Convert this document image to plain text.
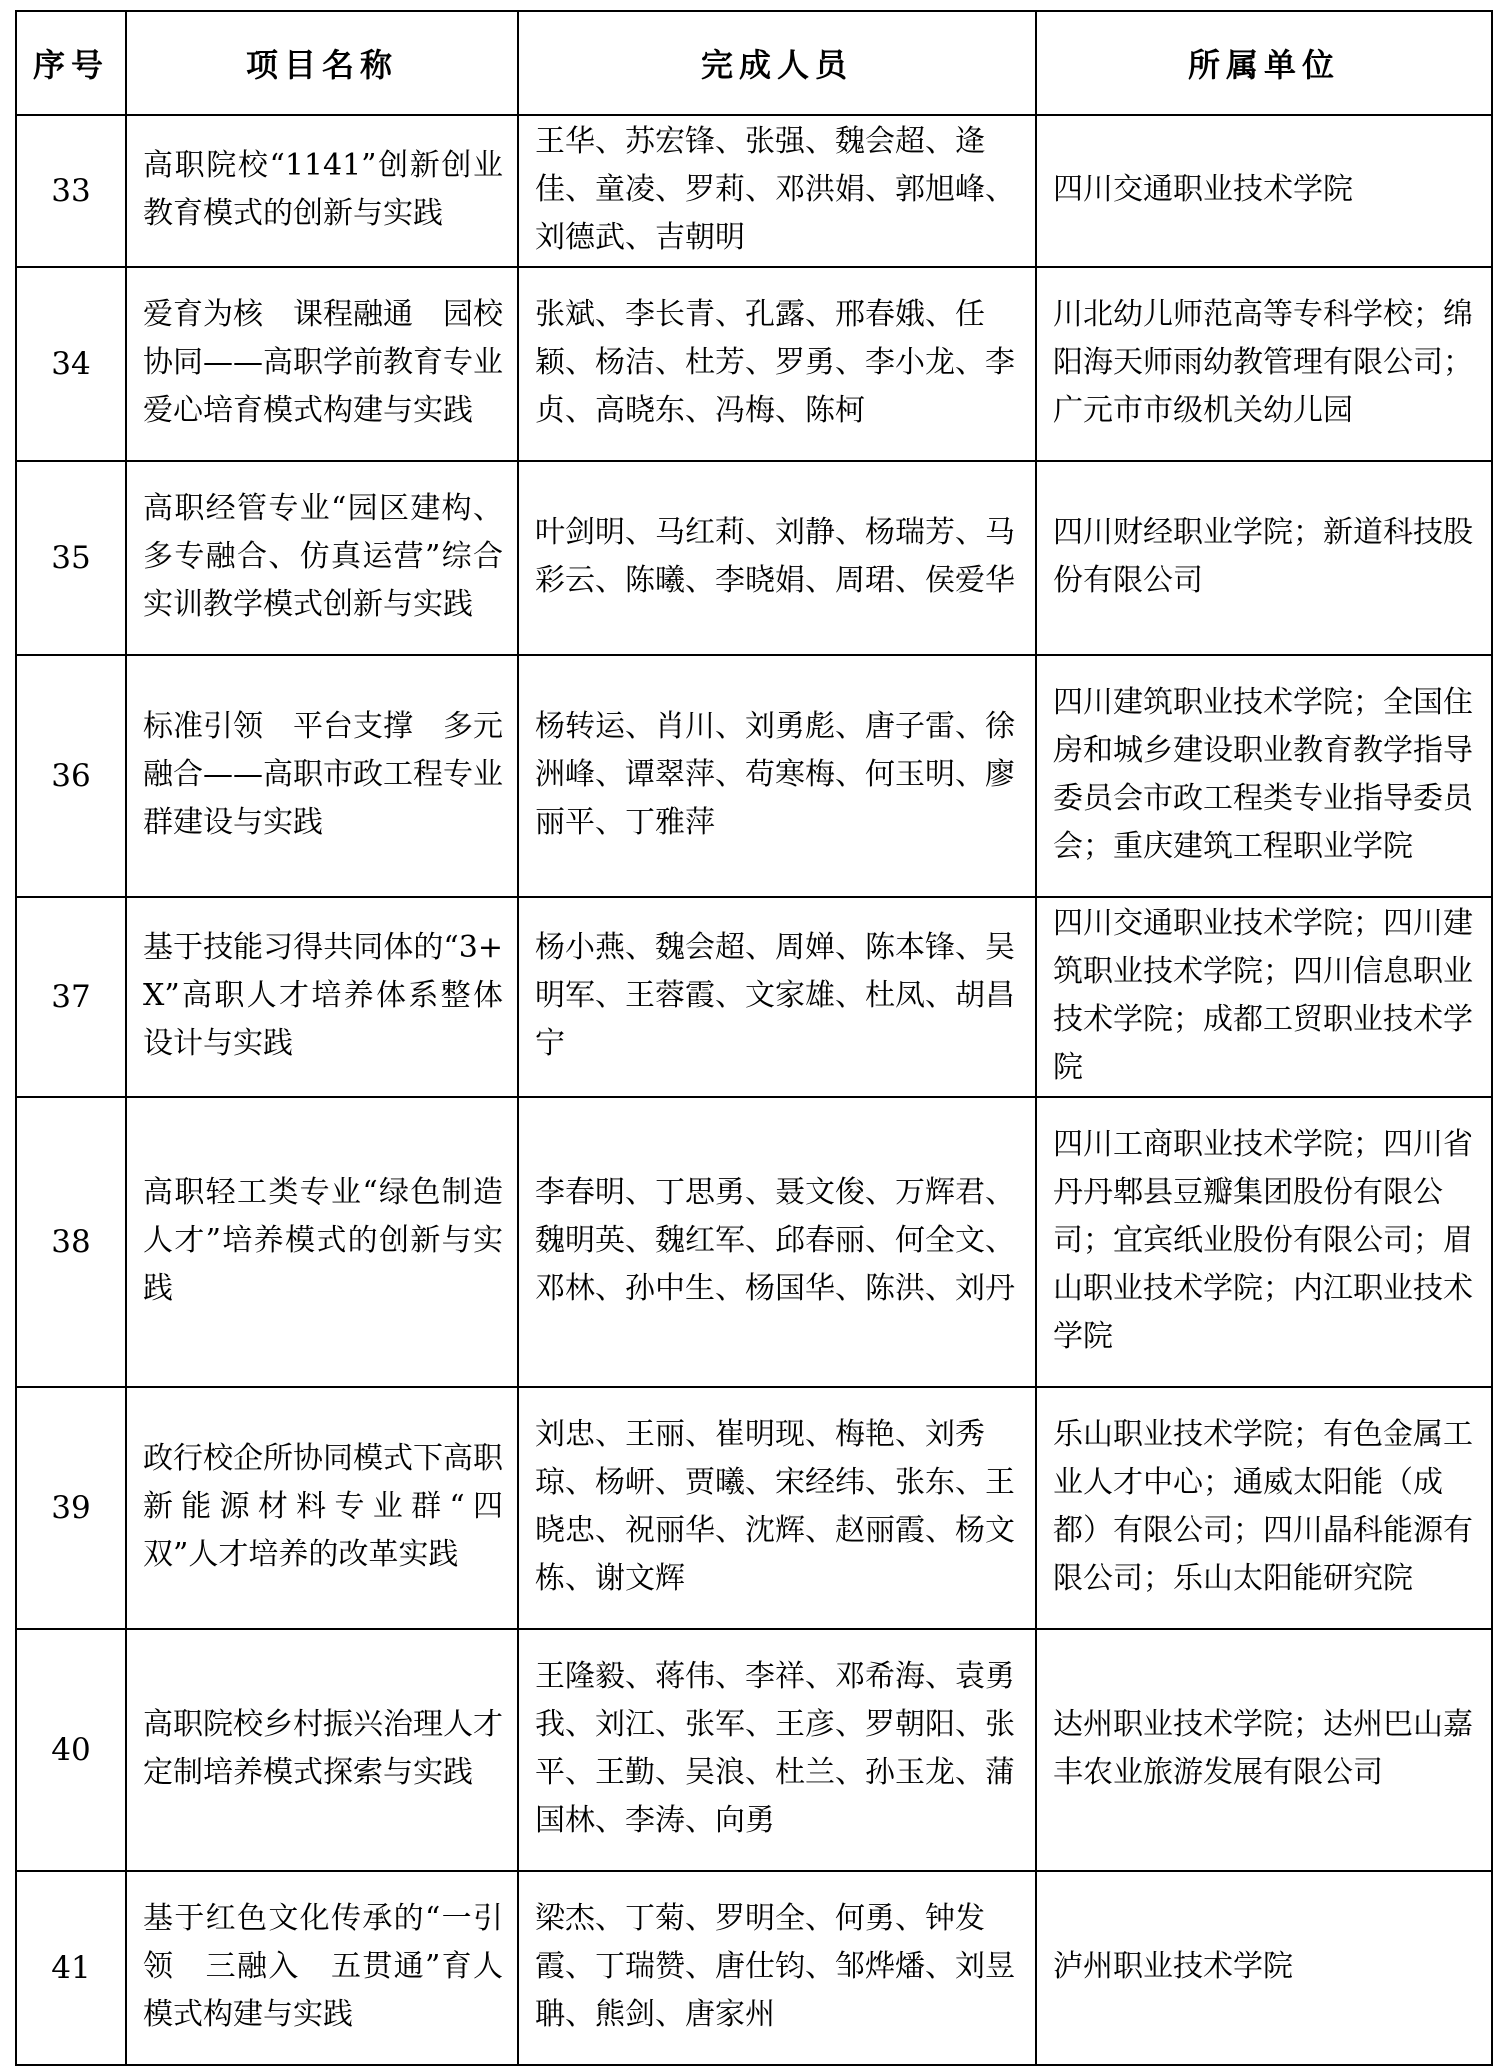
序号	项目名称	完成人员	所属单位
33	高职院校“1141”创新创业教育模式的创新与实践	王华、苏宏锋、张强、魏会超、逄佳、童凌、罗莉、邓洪娟、郭旭峰、刘德武、吉朝明	四川交通职业技术学院
34	爱育为核　课程融通　园校协同——高职学前教育专业爱心培育模式构建与实践	张斌、李长青、孔露、邢春娥、任颖、杨洁、杜芳、罗勇、李小龙、李贞、高晓东、冯梅、陈柯	川北幼儿师范高等专科学校；绵阳海天师雨幼教管理有限公司；广元市市级机关幼儿园
35	高职经管专业“园区建构、多专融合、仿真运营”综合实训教学模式创新与实践	叶剑明、马红莉、刘静、杨瑞芳、马彩云、陈曦、李晓娟、周珺、侯爱华	四川财经职业学院；新道科技股份有限公司
36	标准引领　平台支撑　多元融合——高职市政工程专业群建设与实践	杨转运、肖川、刘勇彪、唐子雷、徐洲峰、谭翠萍、苟寒梅、何玉明、廖丽平、丁雅萍	四川建筑职业技术学院；全国住房和城乡建设职业教育教学指导委员会市政工程类专业指导委员会；重庆建筑工程职业学院
37	基于技能习得共同体的“3+X”高职人才培养体系整体设计与实践	杨小燕、魏会超、周婵、陈本锋、吴明军、王蓉霞、文家雄、杜凤、胡昌宁	四川交通职业技术学院；四川建筑职业技术学院；四川信息职业技术学院；成都工贸职业技术学院
38	高职轻工类专业“绿色制造人才”培养模式的创新与实践	李春明、丁思勇、聂文俊、万辉君、魏明英、魏红军、邱春丽、何全文、邓林、孙中生、杨国华、陈洪、刘丹	四川工商职业技术学院；四川省丹丹郫县豆瓣集团股份有限公司；宜宾纸业股份有限公司；眉山职业技术学院；内江职业技术学院
39	政行校企所协同模式下高职新能源材料专业群“四双”人才培养的改革实践	刘忠、王丽、崔明现、梅艳、刘秀琼、杨岍、贾曦、宋经纬、张东、王晓忠、祝丽华、沈辉、赵丽霞、杨文栋、谢文辉	乐山职业技术学院；有色金属工业人才中心；通威太阳能（成都）有限公司；四川晶科能源有限公司；乐山太阳能研究院
40	高职院校乡村振兴治理人才定制培养模式探索与实践	王隆毅、蒋伟、李祥、邓希海、袁勇我、刘江、张军、王彦、罗朝阳、张平、王勤、吴浪、杜兰、孙玉龙、蒲国林、李涛、向勇	达州职业技术学院；达州巴山嘉丰农业旅游发展有限公司
41	基于红色文化传承的“一引领　三融入　五贯通”育人模式构建与实践	梁杰、丁菊、罗明全、何勇、钟发霞、丁瑞赞、唐仕钧、邹烨燔、刘昱聃、熊剑、唐家州	泸州职业技术学院
